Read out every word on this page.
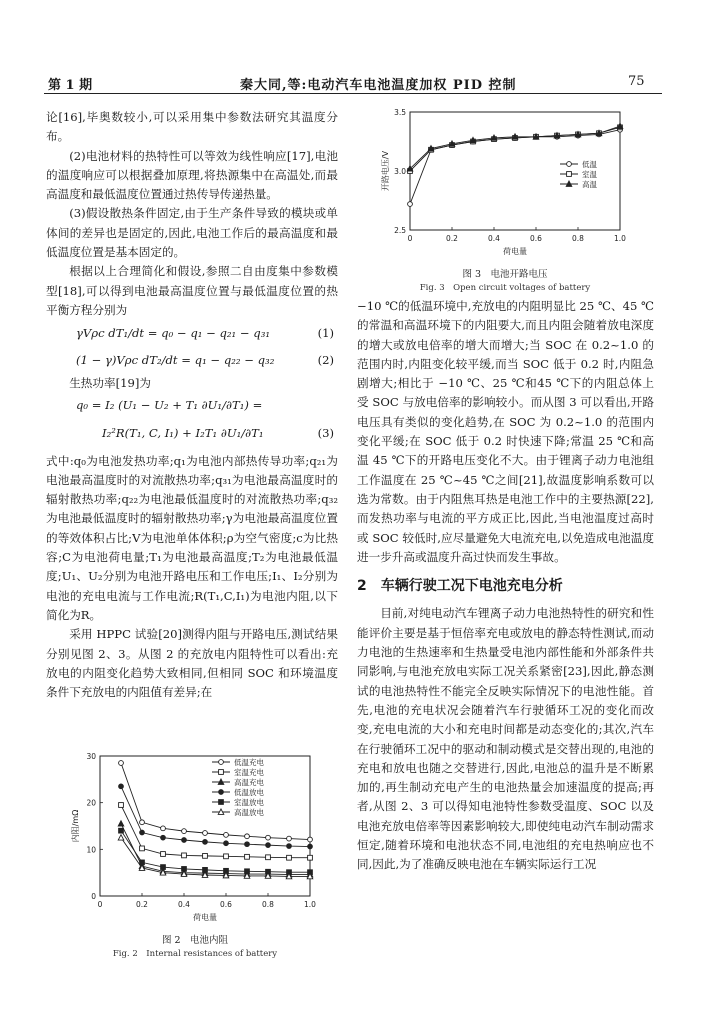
第 1 期	秦大同,等:电动汽车电池温度加权 PID 控制	75

论[16],毕奥数较小,可以采用集中参数法研究其温度分布。

(2)电池材料的热特性可以等效为线性响应[17],电池的温度响应可以根据叠加原理,将热源集中在高温处,而最高温度和最低温度位置通过热传导传递热量。

(3)假设散热条件固定,由于生产条件导致的模块或单体间的差异也是固定的,因此,电池工作后的最高温度和最低温度位置是基本固定的。

根据以上合理简化和假设,参照二自由度集中参数模型[18],可以得到电池最高温度位置与最低温度位置的热平衡方程分别为

γVρc dT₁/dt = q₀ − q₁ − q₂₁ − q₃₁	(1)
(1 − γ)Vρc dT₂/dt = q₁ − q₂₂ − q₃₂	(2)

生热功率[19]为

q₀ = I₂ (U₁ − U₂ + T₁ ∂U₁/∂T₁) =
I₂²R(T₁, C, I₁) + I₂T₁ ∂U₁/∂T₁	(3)

式中:q₀为电池发热功率;q₁为电池内部热传导功率;q₂₁为电池最高温度时的对流散热功率;q₃₁为电池最高温度时的辐射散热功率;q₂₂为电池最低温度时的对流散热功率;q₃₂为电池最低温度时的辐射散热功率;γ为电池最高温度位置的等效体积占比;V为电池单体体积;ρ为空气密度;c为比热容;C为电池荷电量;T₁为电池最高温度;T₂为电池最低温度;U₁、U₂分别为电池开路电压和工作电压;I₁、I₂分别为电池的充电电流与工作电流;R(T₁,C,I₁)为电池内阻,以下简化为R。

采用 HPPC 试验[20]测得内阻与开路电压,测试结果分别见图 2、3。从图 2 的充放电内阻特性可以看出:充放电的内阻变化趋势大致相同,但相同 SOC 和环境温度条件下充放电的内阻值有差异;在

0	0.2	0.4	0.6	0.8	1.0
0
10
20
30
荷电量
内阻/mΩ
低温充电
室温充电
高温充电
低温放电
室温放电
高温放电
图 2　电池内阻
Fig. 2　Internal resistances of battery
0	0.2	0.4	0.6	0.8	1.0
2.5
3.0
3.5
荷电量
开路电压/V	低温
室温
高温
图 3　电池开路电压
Fig. 3　Open circuit voltages of battery

−10 ℃的低温环境中,充放电的内阻明显比 25 ℃、45 ℃的常温和高温环境下的内阻要大,而且内阻会随着放电深度的增大或放电倍率的增大而增大;当 SOC 在 0.2~1.0 的范围内时,内阻变化较平缓,而当 SOC 低于 0.2 时,内阻急剧增大;相比于 −10 ℃、25 ℃和45 ℃下的内阻总体上受 SOC 与放电倍率的影响较小。而从图 3 可以看出,开路电压具有类似的变化趋势,在 SOC 为 0.2~1.0 的范围内变化平缓;在 SOC 低于 0.2 时快速下降;常温 25 ℃和高温 45 ℃下的开路电压变化不大。由于锂离子动力电池组工作温度在 25 ℃~45 ℃之间[21],故温度影响系数可以选为常数。由于内阻焦耳热是电池工作中的主要热源[22],而发热功率与电流的平方成正比,因此,当电池温度过高时或 SOC 较低时,应尽量避免大电流充电,以免造成电池温度进一步升高或温度升高过快而发生事故。

2　车辆行驶工况下电池充电分析

目前,对纯电动汽车锂离子动力电池热特性的研究和性能评价主要是基于恒倍率充电或放电的静态特性测试,而动力电池的生热速率和生热量受电池内部性能和外部条件共同影响,与电池充放电实际工况关系紧密[23],因此,静态测试的电池热特性不能完全反映实际情况下的电池性能。首先,电池的充电状况会随着汽车行驶循环工况的变化而改变,充电电流的大小和充电时间都是动态变化的;其次,汽车在行驶循环工况中的驱动和制动模式是交替出现的,电池的充电和放电也随之交替进行,因此,电池总的温升是不断累加的,再生制动充电产生的电池热量会加速温度的提高;再者,从图 2、3 可以得知电池特性参数受温度、SOC 以及电池充放电倍率等因素影响较大,即使纯电动汽车制动需求恒定,随着环境和电池状态不同,电池组的充电热响应也不同,因此,为了准确反映电池在车辆实际运行工况
